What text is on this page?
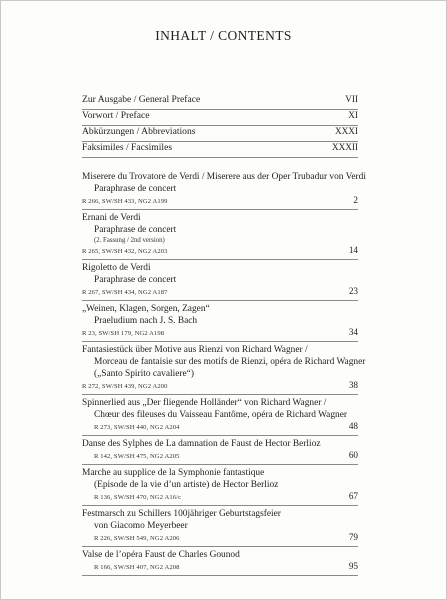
INHALT / CONTENTS
Zur Ausgabe / General Preface	VII
Vorwort / Preface	XI
Abkürzungen / Abbreviations	XXXI
Faksimiles / Facsimiles	XXXII
Miserere du Trovatore de Verdi / Miserere aus der Oper Trubadur von Verdi
Paraphrase de concert
R 266, SW/SH 433, NG2 A199	2
Ernani de Verdi
Paraphrase de concert
(2. Fassung / 2nd version)
R 265, SW/SH 432, NG2 A203	14
Rigoletto de Verdi
Paraphrase de concert
R 267, SW/SH 434, NG2 A187	23
„Weinen, Klagen, Sorgen, Zagen“
Praeludium nach J. S. Bach
R 23, SW/SH 179, NG2 A198	34
Fantasiestück über Motive aus Rienzi von Richard Wagner /
Morceau de fantaisie sur des motifs de Rienzi, opéra de Richard Wagner
(„Santo Spirito cavaliere“)
R 272, SW/SH 439, NG2 A200	38
Spinnerlied aus „Der fliegende Holländer“ von Richard Wagner /
Chœur des fileuses du Vaisseau Fantôme, opéra de Richard Wagner
R 273, SW/SH 440, NG2 A204	48
Danse des Sylphes de La damnation de Faust de Hector Berlioz
R 142, SW/SH 475, NG2 A205	60
Marche au supplice de la Symphonie fantastique
(Episode de la vie d’un artiste) de Hector Berlioz
R 136, SW/SH 470, NG2 A16/c	67
Festmarsch zu Schillers 100jähriger Geburtstagsfeier
von Giacomo Meyerbeer
R 226, SW/SH 549, NG2 A206	79
Valse de l’opéra Faust de Charles Gounod
R 166, SW/SH 407, NG2 A208	95
